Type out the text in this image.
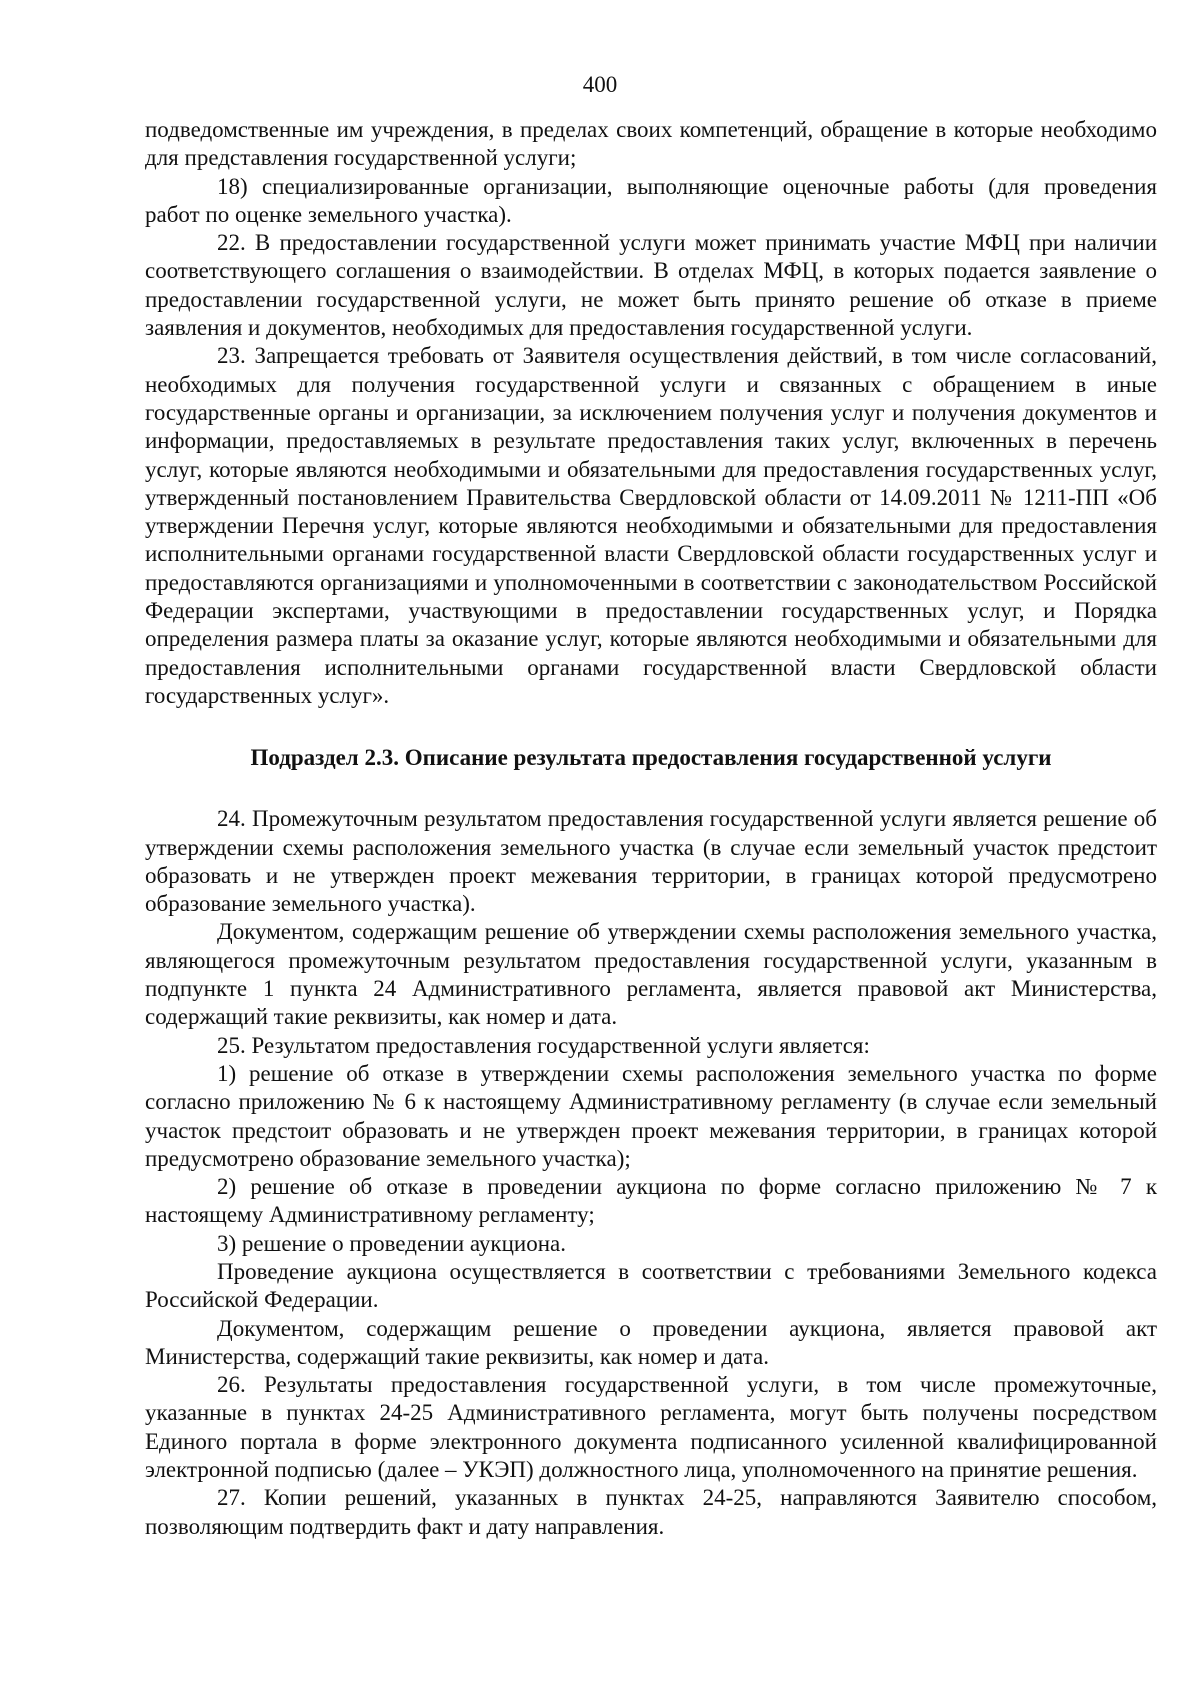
400

подведомственные им учреждения, в пределах своих компетенций, обращение в которые необходимо для представления государственной услуги;

18) специализированные организации, выполняющие оценочные работы (для проведения работ по оценке земельного участка).

22. В предоставлении государственной услуги может принимать участие МФЦ при наличии соответствующего соглашения о взаимодействии. В отделах МФЦ, в которых подается заявление о предоставлении государственной услуги, не может быть принято решение об отказе в приеме заявления и документов, необходимых для предоставления государственной услуги.

23. Запрещается требовать от Заявителя осуществления действий, в том числе согласований, необходимых для получения государственной услуги и связанных с обращением в иные государственные органы и организации, за исключением получения услуг и получения документов и информации, предоставляемых в результате предоставления таких услуг, включенных в перечень услуг, которые являются необходимыми и обязательными для предоставления государственных услуг, утвержденный постановлением Правительства Свердловской области от 14.09.2011 № 1211-ПП «Об утверждении Перечня услуг, которые являются необходимыми и обязательными для предоставления исполнительными органами государственной власти Свердловской области государственных услуг и предоставляются организациями и уполномоченными в соответствии с законодательством Российской Федерации экспертами, участвующими в предоставлении государственных услуг, и Порядка определения размера платы за оказание услуг, которые являются необходимыми и обязательными для предоставления исполнительными органами государственной власти Свердловской области государственных услуг».

Подраздел 2.3. Описание результата предоставления государственной услуги

24. Промежуточным результатом предоставления государственной услуги является решение об утверждении схемы расположения земельного участка (в случае если земельный участок предстоит образовать и не утвержден проект межевания территории, в границах которой предусмотрено образование земельного участка).

Документом, содержащим решение об утверждении схемы расположения земельного участка, являющегося промежуточным результатом предоставления государственной услуги, указанным в подпункте 1 пункта 24 Административного регламента, является правовой акт Министерства, содержащий такие реквизиты, как номер и дата.

25. Результатом предоставления государственной услуги является:

1) решение об отказе в утверждении схемы расположения земельного участка по форме согласно приложению № 6 к настоящему Административному регламенту (в случае если земельный участок предстоит образовать и не утвержден проект межевания территории, в границах которой предусмотрено образование земельного участка);

2) решение об отказе в проведении аукциона по форме согласно приложению № 7 к настоящему Административному регламенту;

3) решение о проведении аукциона.

Проведение аукциона осуществляется в соответствии с требованиями Земельного кодекса Российской Федерации.

Документом, содержащим решение о проведении аукциона, является правовой акт Министерства, содержащий такие реквизиты, как номер и дата.

26. Результаты предоставления государственной услуги, в том числе промежуточные, указанные в пунктах 24-25 Административного регламента, могут быть получены посредством Единого портала в форме электронного документа подписанного усиленной квалифицированной электронной подписью (далее – УКЭП) должностного лица, уполномоченного на принятие решения.

27. Копии решений, указанных в пунктах 24-25, направляются Заявителю способом, позволяющим подтвердить факт и дату направления.
